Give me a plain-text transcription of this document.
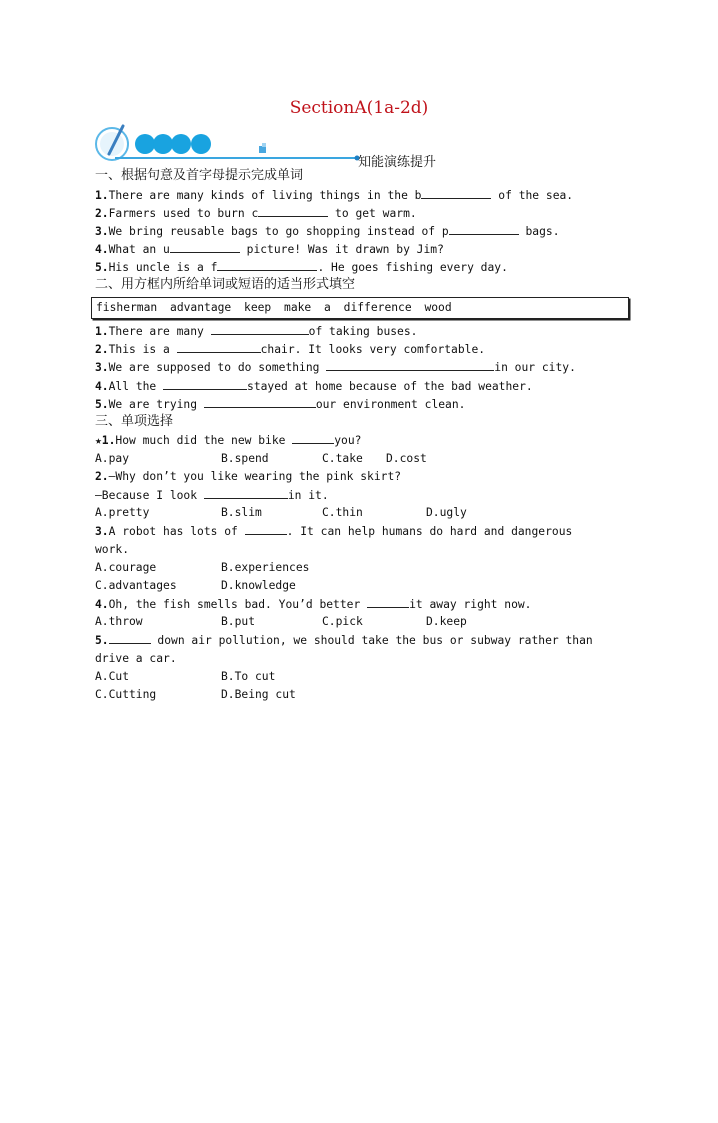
SectionA(1a-2d)
知能演练提升
一、根据句意及首字母提示完成单词
1.There are many kinds of living things in the b	of the sea.
2.Farmers used to burn c	to get warm.
3.We bring reusable bags to go shopping instead of p	bags.
4.What an u	picture! Was it drawn by Jim?
5.His uncle is a f	. He goes fishing every day.
二、用方框内所给单词或短语的适当形式填空
fisherman advantage keep make a difference wood
1.There are many	of taking buses.
2.This is a	chair. It looks very comfortable.
3.We are supposed to do something	in our city.
4.All the	stayed at home because of the bad weather.
5.We are trying	our environment clean.
三、单项选择
★1.How much did the new bike	you?
A.pay	B.spend	C.take	D.cost
2.—Why don’t you like wearing the pink skirt?
—Because I look	in it.
A.pretty	B.slim	C.thin	D.ugly
3.A robot has lots of	. It can help humans do hard and dangerous
work.
A.courage	B.experiences
C.advantages	D.knowledge
4.Oh, the fish smells bad. You’d better	it away right now.
A.throw	B.put	C.pick	D.keep
5.	down air pollution, we should take the bus or subway rather than
drive a car.
A.Cut	B.To cut
C.Cutting	D.Being cut
